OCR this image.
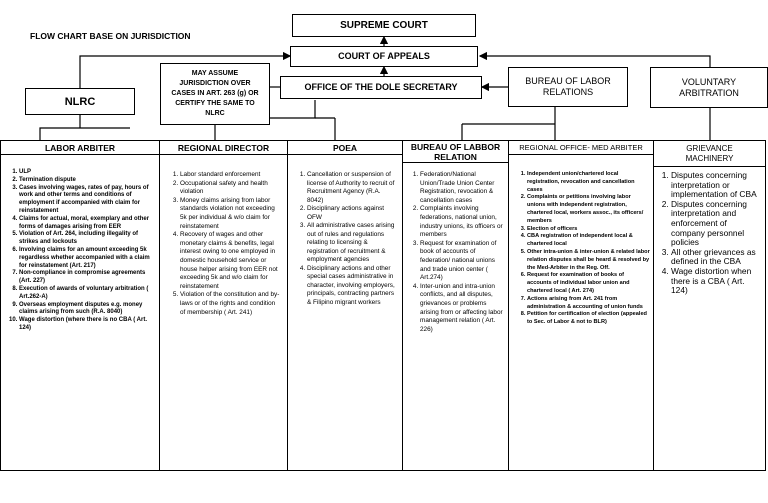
FLOW CHART BASE ON JURISDICTION
SUPREME COURT
COURT OF APPEALS
OFFICE OF THE DOLE SECRETARY
MAY ASSUME JURISDICTION OVER CASES IN ART. 263 (g) OR CERTIFY THE SAME TO NLRC
NLRC
BUREAU OF LABOR RELATIONS
VOLUNTARY ARBITRATION
LABOR ARBITER
1. ULP
2. Termination dispute
3. Cases involving wages, rates of pay, hours of work and other terms and conditions of employment if accompanied with claim for reinstatement
4. Claims for actual, moral, exemplary and other forms of damages arising from EER
5. Violation of Art. 264, including illegality of strikes and lockouts
6. Involving claims for an amount exceeding 5k regardless whether accompanied with a claim for reinstatement (Art. 217)
7. Non-compliance in compromise agreements (Art. 227)
8. Execution of awards of voluntary arbitration ( Art.262-A)
9. Overseas employment disputes e.g. money claims arising from such (R.A. 8040)
10. Wage distortion (where there is no CBA ( Art. 124)
REGIONAL DIRECTOR
1. Labor standard enforcement
2. Occupational safety and health violation
3. Money claims arising from labor standards violation not exceeding 5k per individual & w/o claim for reinstatement
4. Recovery of wages and other monetary claims & benefits, legal interest owing to one employed in domestic household service or house helper arising from EER not exceeding 5k and w/o claim for reinstatement
5. Violation of the constitution and by-laws or of the rights and condition of membership ( Art. 241)
POEA
1. Cancellation or suspension of license of Authority to recruit of Recruitment Agency (R.A. 8042)
2. Disciplinary actions against OFW
3. All administrative cases arising out of rules and regulations relating to licensing & registration of recruitment & employment agencies
4. Disciplinary actions and other special cases administrative in character, involving employers, principals, contracting partners & Filipino migrant workers
BUREAU OF LABBOR RELATION
1. Federation/National Union/Trade Union Center Registration, revocation & cancellation cases
2. Complaints involving federations, national union, industry unions, its officers or members
3. Request for examination of book of accounts of federation/ national unions and trade union center ( Art.274)
4. Inter-union and intra-union conflicts, and all disputes, grievances or problems arising from or affecting labor management relation ( Art. 226)
REGIONAL OFFICE- MED ARBITER
1. Independent union/chartered local registration, revocation and cancellation cases
2. Complaints or petitions involving labor unions with independent registration, chartered local, workers assoc., its officers/ members
3. Election of officers
4. CBA registration of independent local & chartered local
5. Other intra-union & inter-union & related labor relation disputes shall be heard & resolved by the Med-Arbiter in the Reg. Off.
6. Request for examination of books of accounts of individual labor union and chartered local ( Art. 274)
7. Actions arising from Art. 241 from administration & accounting of union funds
8. Petition for certification of election (appealed to Sec. of Labor & not to BLR)
GRIEVANCE MACHINERY
1. Disputes concerning interpretation or implementation of CBA
2. Disputes concerning interpretation and enforcement of company personnel policies
3. All other grievances as defined in the CBA
4. Wage distortion when there is a CBA ( Art. 124)
